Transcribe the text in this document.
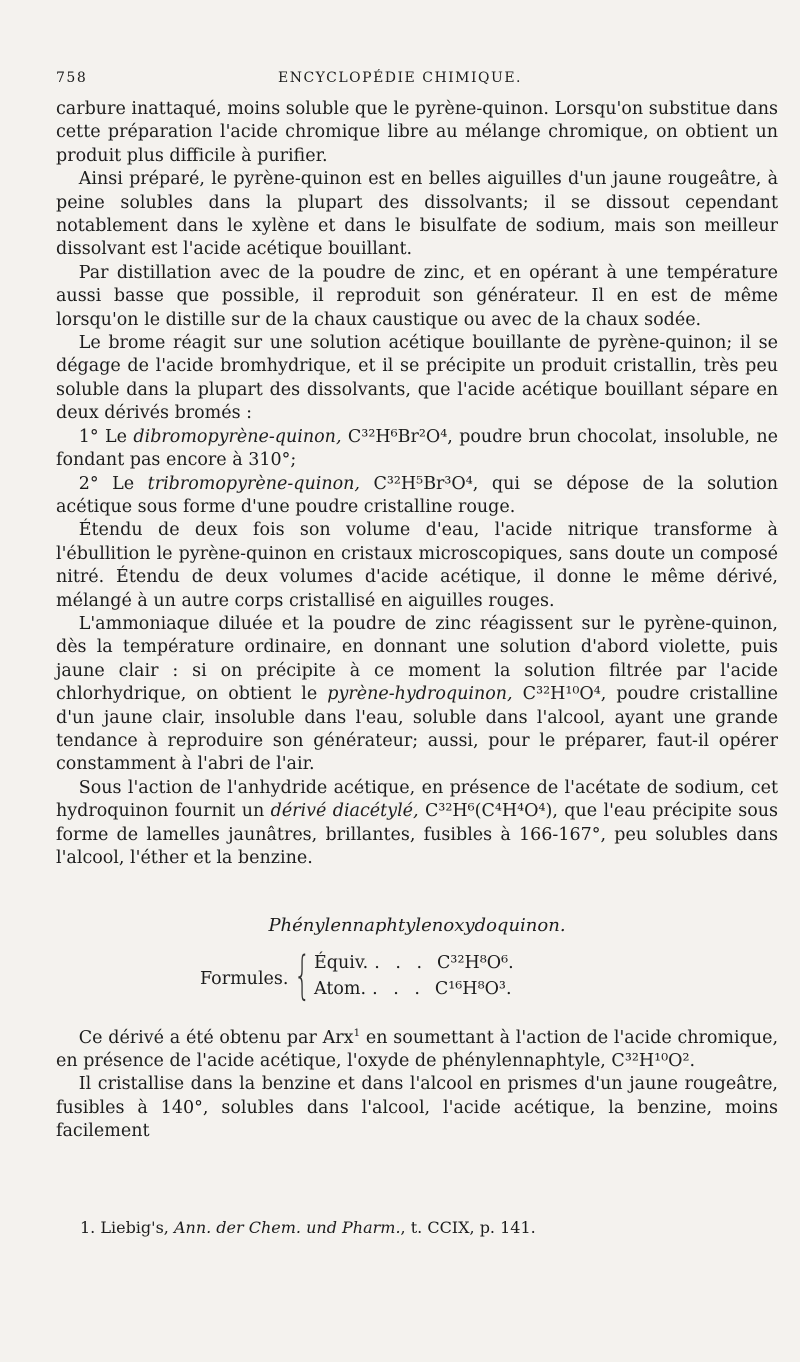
758	ENCYCLOPÉDIE CHIMIQUE.

carbure inattaqué, moins soluble que le pyrène-quinon. Lorsqu'on substitue dans cette préparation l'acide chromique libre au mélange chromique, on obtient un produit plus difficile à purifier.

Ainsi préparé, le pyrène-quinon est en belles aiguilles d'un jaune rougeâtre, à peine solubles dans la plupart des dissolvants; il se dissout cependant notablement dans le xylène et dans le bisulfate de sodium, mais son meilleur dissolvant est l'acide acétique bouillant.

Par distillation avec de la poudre de zinc, et en opérant à une température aussi basse que possible, il reproduit son générateur. Il en est de même lorsqu'on le distille sur de la chaux caustique ou avec de la chaux sodée.

Le brome réagit sur une solution acétique bouillante de pyrène-quinon; il se dégage de l'acide bromhydrique, et il se précipite un produit cristallin, très peu soluble dans la plupart des dissolvants, que l'acide acétique bouillant sépare en deux dérivés bromés :

1° Le dibromopyrène-quinon, C³²H⁶Br²O⁴, poudre brun chocolat, insoluble, ne fondant pas encore à 310°;

2° Le tribromopyrène-quinon, C³²H⁵Br³O⁴, qui se dépose de la solution acétique sous forme d'une poudre cristalline rouge.

Étendu de deux fois son volume d'eau, l'acide nitrique transforme à l'ébullition le pyrène-quinon en cristaux microscopiques, sans doute un composé nitré. Étendu de deux volumes d'acide acétique, il donne le même dérivé, mélangé à un autre corps cristallisé en aiguilles rouges.

L'ammoniaque diluée et la poudre de zinc réagissent sur le pyrène-quinon, dès la température ordinaire, en donnant une solution d'abord violette, puis jaune clair : si on précipite à ce moment la solution filtrée par l'acide chlorhydrique, on obtient le pyrène-hydroquinon, C³²H¹⁰O⁴, poudre cristalline d'un jaune clair, insoluble dans l'eau, soluble dans l'alcool, ayant une grande tendance à reproduire son générateur; aussi, pour le préparer, faut-il opérer constamment à l'abri de l'air.

Sous l'action de l'anhydride acétique, en présence de l'acétate de sodium, cet hydroquinon fournit un dérivé diacétylé, C³²H⁶(C⁴H⁴O⁴), que l'eau précipite sous forme de lamelles jaunâtres, brillantes, fusibles à 166-167°, peu solubles dans l'alcool, l'éther et la benzine.

Phénylennaphtylenoxydoquinon.
Formules. { Équiv. . . . C³²H⁸O⁶.
Atom. . . . C¹⁶H⁸O³.

Ce dérivé a été obtenu par Arx$^1$ en soumettant à l'action de l'acide chromique, en présence de l'acide acétique, l'oxyde de phénylennaphtyle, C³²H¹⁰O².

Il cristallise dans la benzine et dans l'alcool en prismes d'un jaune rougeâtre, fusibles à 140°, solubles dans l'alcool, l'acide acétique, la benzine, moins facilement

1. Liebig's, Ann. der Chem. und Pharm., t. CCIX, p. 141.
